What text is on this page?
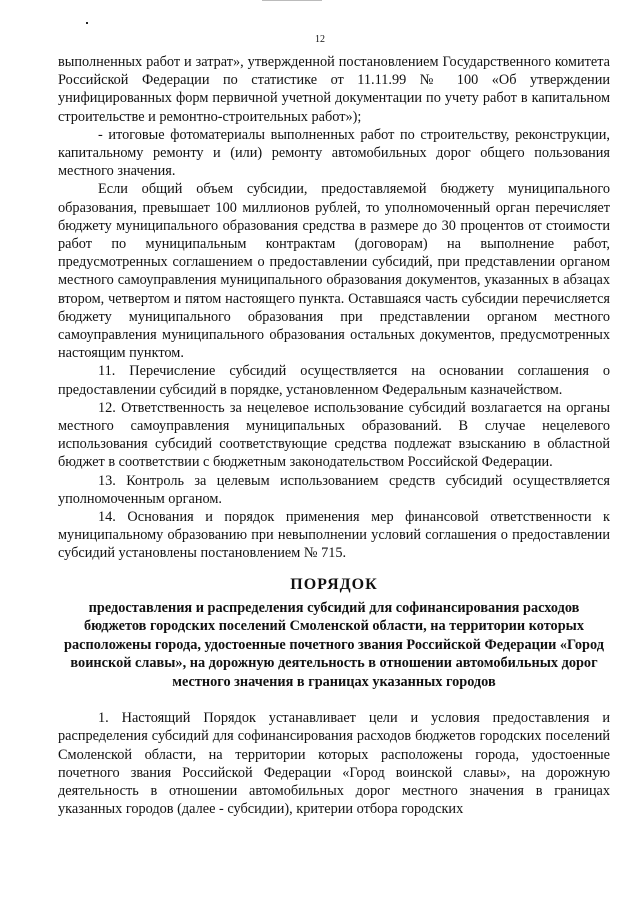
12

выполненных работ и затрат», утвержденной постановлением Государственного комитета Российской Федерации по статистике от 11.11.99 № 100 «Об утверждении унифицированных форм первичной учетной документации по учету работ в капитальном строительстве и ремонтно-строительных работ»);

- итоговые фотоматериалы выполненных работ по строительству, реконструкции, капитальному ремонту и (или) ремонту автомобильных дорог общего пользования местного значения.

Если общий объем субсидии, предоставляемой бюджету муниципального образования, превышает 100 миллионов рублей, то уполномоченный орган перечисляет бюджету муниципального образования средства в размере до 30 процентов от стоимости работ по муниципальным контрактам (договорам) на выполнение работ, предусмотренных соглашением о предоставлении субсидий, при представлении органом местного самоуправления муниципального образования документов, указанных в абзацах втором, четвертом и пятом настоящего пункта. Оставшаяся часть субсидии перечисляется бюджету муниципального образования при представлении органом местного самоуправления муниципального образования остальных документов, предусмотренных настоящим пунктом.

11. Перечисление субсидий осуществляется на основании соглашения о предоставлении субсидий в порядке, установленном Федеральным казначейством.

12. Ответственность за нецелевое использование субсидий возлагается на органы местного самоуправления муниципальных образований. В случае нецелевого использования субсидий соответствующие средства подлежат взысканию в областной бюджет в соответствии с бюджетным законодательством Российской Федерации.

13. Контроль за целевым использованием средств субсидий осуществляется уполномоченным органом.

14. Основания и порядок применения мер финансовой ответственности к муниципальному образованию при невыполнении условий соглашения о предоставлении субсидий установлены постановлением № 715.

ПОРЯДОК
предоставления и распределения субсидий для софинансирования расходов бюджетов городских поселений Смоленской области, на территории которых расположены города, удостоенные почетного звания Российской Федерации «Город воинской славы», на дорожную деятельность в отношении автомобильных дорог местного значения в границах указанных городов

1. Настоящий Порядок устанавливает цели и условия предоставления и распределения субсидий для софинансирования расходов бюджетов городских поселений Смоленской области, на территории которых расположены города, удостоенные почетного звания Российской Федерации «Город воинской славы», на дорожную деятельность в отношении автомобильных дорог местного значения в границах указанных городов (далее - субсидии), критерии отбора городских
